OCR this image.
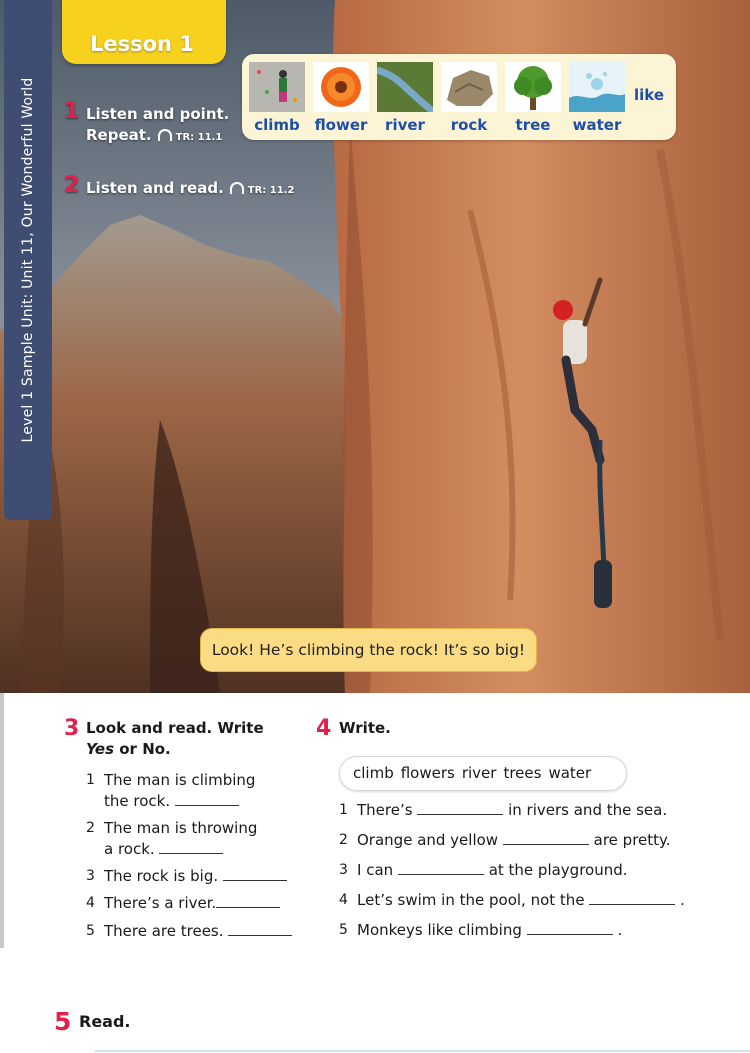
Level 1 Sample Unit: Unit 11, Our Wonderful World
Lesson 1
1 Listen and point.
Repeat. TR: 11.1
2 Listen and read. TR: 11.2
climb flower	river	rock	tree	water
like
Look! He’s climbing the rock! It’s so big!
3 Look and read. Write
Yes or No.
1 The man is climbing
the rock.
2 The man is throwing
a rock.
3 The rock is big.
4 There’s a river.
5 There are trees.
4 Write.
climb flowers river trees water
1 There’s	in rivers and the sea.
2 Orange and yellow	are pretty.
3 I can	at the playground.
4 Let’s swim in the pool, not the	.
5 Monkeys like climbing	.
5 Read.
